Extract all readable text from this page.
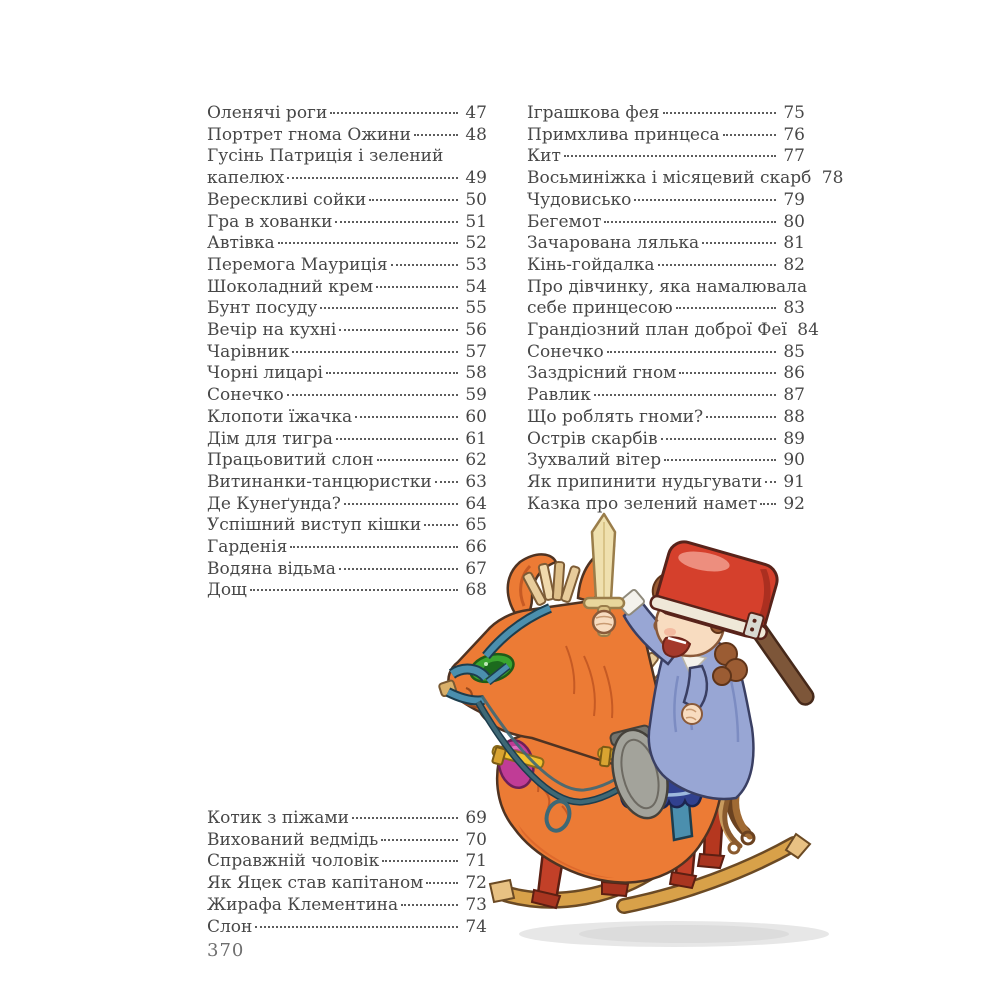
Оленячі роги	47
Портрет гнома Ожини	48
Гусінь Патриція і зелений
капелюх	49
Верескливі сойки	50
Гра в хованки	51
Автівка	52
Перемога Мауриція	53
Шоколадний крем	54
Бунт посуду	55
Вечір на кухні	56
Чарівник	57
Чорні лицарі	58
Сонечко	59
Клопоти їжачка	60
Дім для тигра	61
Працьовитий слон	62
Витинанки-танцюристки 63
Де Кунеґунда?	64
Успішний виступ кішки	65
Гарденія	66
Водяна відьма	67
Дощ	68
Іграшкова фея	75
Примхлива принцеса	76
Кит	77
Восьминіжка і місяцевий скарб 78
Чудовисько	79
Бегемот	80
Зачарована лялька	81
Кінь-гойдалка	82
Про дівчинку, яка намалювала
себе принцесою	83
Грандіозний план доброї Феї 84
Сонечко	85
Заздрісний гном	86
Равлик	87
Що роблять гноми?	88
Острів скарбів	89
Зухвалий вітер	90
Як припинити нудьгувати 91
Казка про зелений намет 92
Котик з піжами	69
Вихований ведмідь	70
Справжній чоловік	71
Як Яцек став капітаном 72
Жирафа Клементина	73
Слон	74
370
